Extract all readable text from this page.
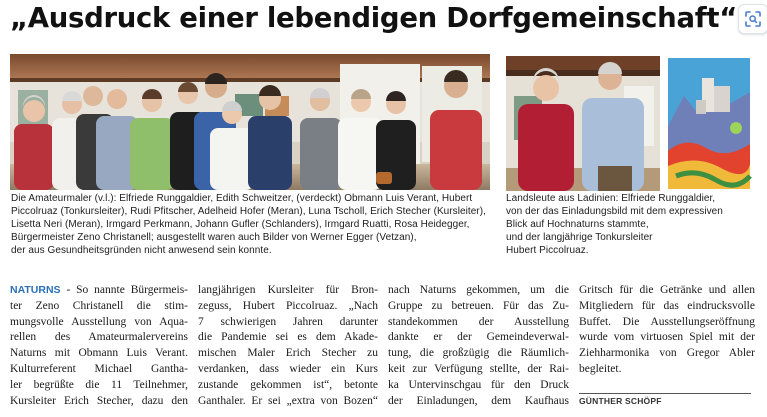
„Ausdruck einer lebendigen Dorfgemeinschaft“
Die Amateurmaler (v.l.): Elfriede Runggaldier, Edith Schweitzer, (verdeckt) Obmann Luis Verant, Hubert
Piccolruaz (Tonkursleiter), Rudi Pfitscher, Adelheid Hofer (Meran), Luna Tscholl, Erich Stecher (Kursleiter),
Lisetta Neri (Meran), Irmgard Perkmann, Johann Gufler (Schlanders), Irmgard Ruatti, Rosa Heidegger,
Bürgermeister Zeno Christanell; ausgestellt waren auch Bilder von Werner Egger (Vetzan),
der aus Gesundheitsgründen nicht anwesend sein konnte.
Landsleute aus Ladinien: Elfriede Runggaldier,
von der das Einladungsbild mit dem expressiven
Blick auf Hochnaturns stammte,
und der langjährige Tonkursleiter
Hubert Piccolruaz.
NATURNS - So nannte Bürgermeis-
ter Zeno Christanell die stim-
mungsvolle Ausstellung von Aqua-
rellen des Amateurmalervereins
Naturns mit Obmann Luis Verant.
Kulturreferent Michael Gantha-
ler begrüßte die 11 Teilnehmer,
Kursleiter Erich Stecher, dazu den
langjährigen Kursleiter für Bron-
zeguss, Hubert Piccolruaz. „Nach
7 schwierigen Jahren darunter
die Pandemie sei es dem Akade-
mischen Maler Erich Stecher zu
verdanken, dass wieder ein Kurs
zustande gekommen ist“, betonte
Ganthaler. Er sei „extra von Bozen“
nach Naturns gekommen, um die
Gruppe zu betreuen. Für das Zu-
standekommen der Ausstellung
dankte er der Gemeindeverwal-
tung, die großzügig die Räumlich-
keit zur Verfügung stellte, der Rai-
ka Untervinschgau für den Druck
der Einladungen, dem Kaufhaus
Gritsch für die Getränke und allen
Mitgliedern für das eindrucksvolle
Buffet. Die Ausstellungseröffnung
wurde vom virtuosen Spiel mit der
Ziehharmonika von Gregor Abler
begleitet.
GÜNTHER SCHÖPF
